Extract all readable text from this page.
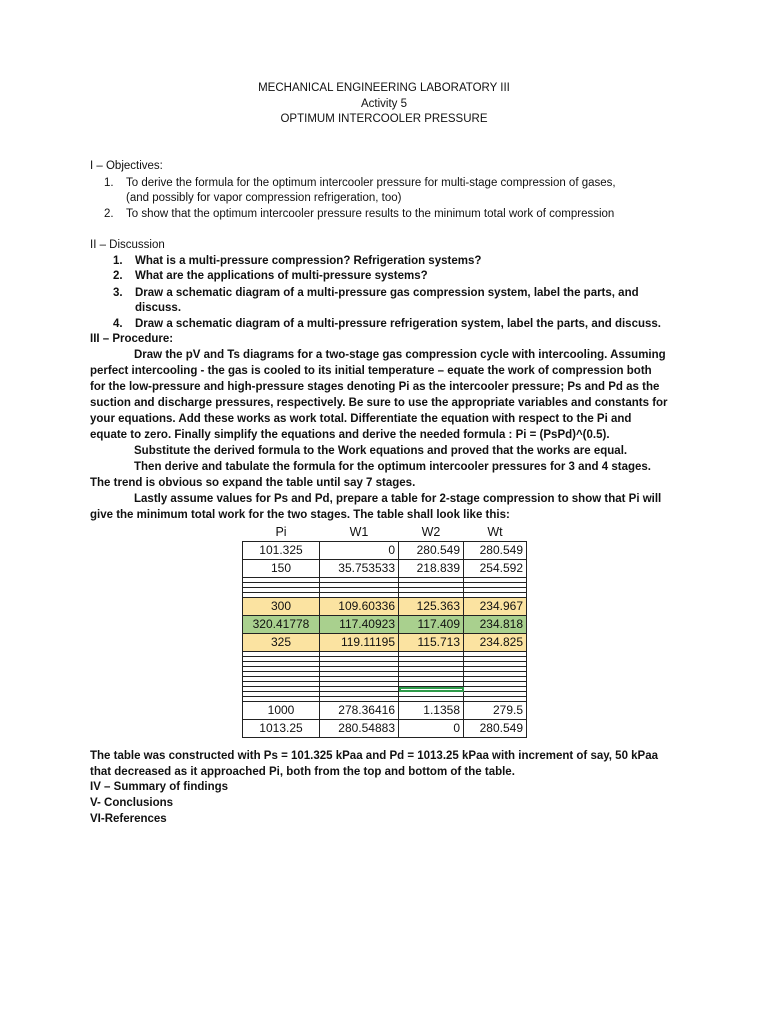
MECHANICAL ENGINEERING LABORATORY III
Activity 5
OPTIMUM INTERCOOLER PRESSURE
I – Objectives:
1. To derive the formula for the optimum intercooler pressure for multi-stage compression of gases,
(and possibly for vapor compression refrigeration, too)
2. To show that the optimum intercooler pressure results to the minimum total work of compression
II – Discussion
1. What is a multi-pressure compression? Refrigeration systems?
2. What are the applications of multi-pressure systems?
3. Draw a schematic diagram of a multi-pressure gas compression system, label the parts, and
discuss.
4. Draw a schematic diagram of a multi-pressure refrigeration system, label the parts, and discuss.
III – Procedure:
Draw the pV and Ts diagrams for a two-stage gas compression cycle with intercooling. Assuming
perfect intercooling - the gas is cooled to its initial temperature – equate the work of compression both
for the low-pressure and high-pressure stages denoting Pi as the intercooler pressure; Ps and Pd as the
suction and discharge pressures, respectively. Be sure to use the appropriate variables and constants for
your equations. Add these works as work total. Differentiate the equation with respect to the Pi and
equate to zero. Finally simplify the equations and derive the needed formula : Pi = (PsPd)^(0.5).
Substitute the derived formula to the Work equations and proved that the works are equal.
Then derive and tabulate the formula for the optimum intercooler pressures for 3 and 4 stages.
The trend is obvious so expand the table until say 7 stages.
Lastly assume values for Ps and Pd, prepare a table for 2-stage compression to show that Pi will
give the minimum total work for the two stages. The table shall look like this:
Pi	W1	W2	Wt
101.325	0	280.549	280.549
150	35.753533	218.839	254.592

300	109.60336	125.363	234.967
320.41778	117.40923	117.409	234.818
325	119.11195	115.713	234.825

1000	278.36416	1.1358	279.5
1013.25	280.54883	0	280.549
The table was constructed with Ps = 101.325 kPaa and Pd = 1013.25 kPaa with increment of say, 50 kPaa
that decreased as it approached Pi, both from the top and bottom of the table.
IV – Summary of findings
V- Conclusions
VI-References
